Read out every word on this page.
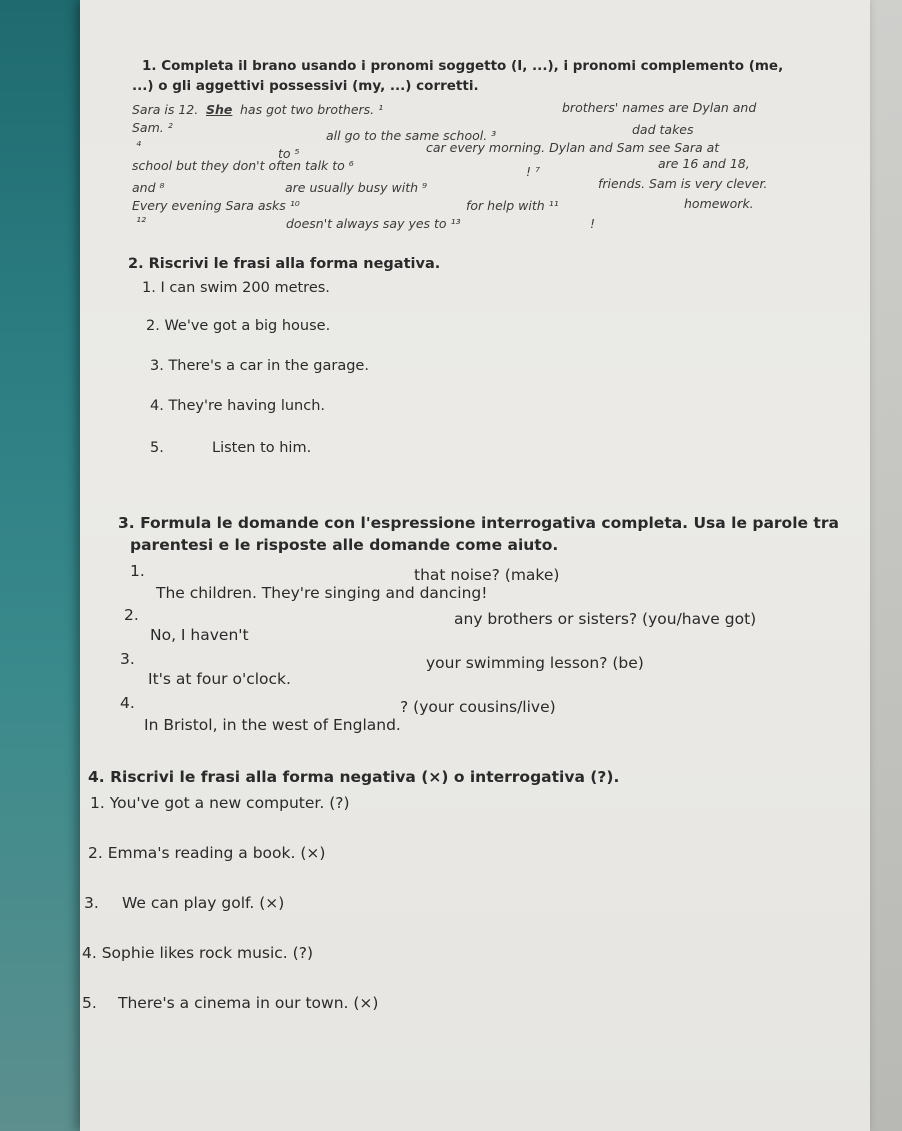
1. Completa il brano usando i pronomi soggetto (I, ...), i pronomi complemento (me,
...) o gli aggettivi possessivi (my, ...) corretti.
Sara is 12. She has got two brothers. ¹	brothers' names are Dylan and
Sam. ²
all go to the same school. ³	dad takes
⁴
to ⁵	car every morning. Dylan and Sam see Sara at
school but they don't often talk to ⁶	! ⁷
are 16 and 18,
and ⁸	are usually busy with ⁹	friends. Sam is very clever.
Every evening Sara asks ¹⁰	for help with ¹¹	homework.
¹²	doesn't always say yes to ¹³	!
2. Riscrivi le frasi alla forma negativa.
1. I can swim 200 metres.
2. We've got a big house.
3. There's a car in the garage.
4. They're having lunch.
5.	Listen to him.
3. Formula le domande con l'espressione interrogativa completa. Usa le parole tra
parentesi e le risposte alle domande come aiuto.
1.	that noise? (make)
The children. They're singing and dancing!
2.	any brothers or sisters? (you/have got)
No, I haven't
3.	your swimming lesson? (be)
It's at four o'clock.
4.	? (your cousins/live)
In Bristol, in the west of England.
4. Riscrivi le frasi alla forma negativa (×) o interrogativa (?).
1. You've got a new computer. (?)
2. Emma's reading a book. (×)
3. We can play golf. (×)
4. Sophie likes rock music. (?)
5. There's a cinema in our town. (×)
